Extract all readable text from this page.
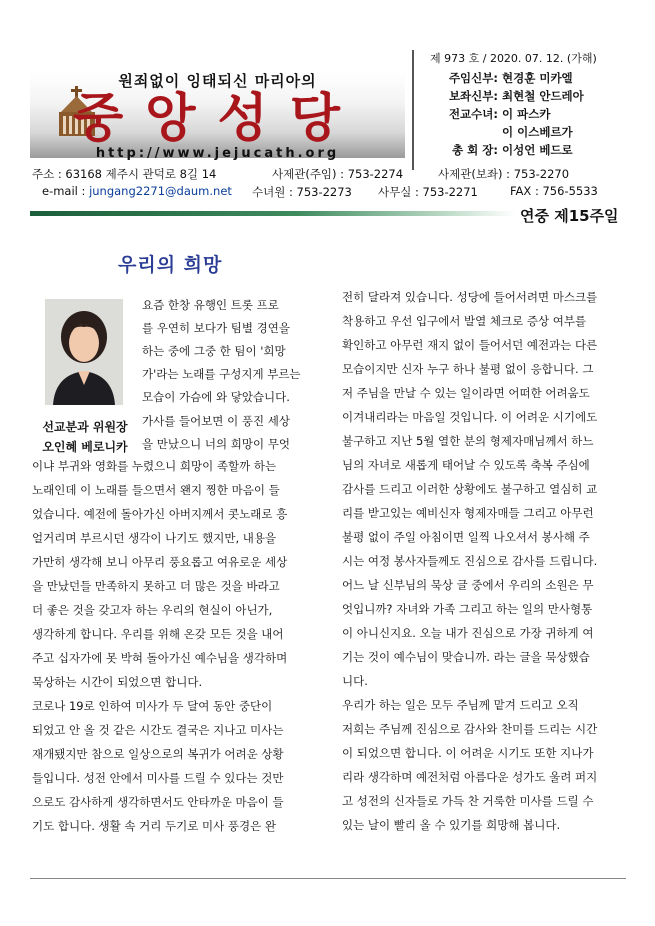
원죄없이 잉태되신 마리아의
중앙성당
http://www.jejucath.org
제 973 호 / 2020. 07. 12. (가해)
주임신부: 현경훈 미카엘
보좌신부: 최현철 안드레아
전교수녀: 이 파스카
이 이스베르가
총 회 장: 이성언 베드로
주소 : 63168 제주시 관덕로 8길 14	사제관(주임) : 753-2274	사제관(보좌) : 753-2270
e-mail : jungang2271@daum.net 수녀원 : 753-2273 사무실 : 753-2271	FAX : 756-5533
연중 제15주일
우리의 희망
선교분과 위원장
오인혜 베로니카
요즘 한창 유행인 트롯 프로
를 우연히 보다가 팀별 경연을
하는 중에 그중 한 팀이 '희망
가'라는 노래를 구성지게 부르는
모습이 가슴에 와 닿았습니다.
가사를 들어보면 이 풍진 세상
을 만났으니 너의 희망이 무엇
이냐 부귀와 영화를 누렸으니 희망이 족할까 하는
노래인데 이 노래를 들으면서 왠지 찡한 마음이 들
었습니다. 예전에 돌아가신 아버지께서 콧노래로 흥
얼거리며 부르시던 생각이 나기도 했지만, 내용을
가만히 생각해 보니 아무리 풍요롭고 여유로운 세상
을 만났던들 만족하지 못하고 더 많은 것을 바라고
더 좋은 것을 갖고자 하는 우리의 현실이 아닌가,
생각하게 합니다. 우리를 위해 온갖 모든 것을 내어
주고 십자가에 못 박혀 돌아가신 예수님을 생각하며
묵상하는 시간이 되었으면 합니다.
코로나 19로 인하여 미사가 두 달여 동안 중단이
되었고 안 올 것 같은 시간도 결국은 지나고 미사는
재개됐지만 참으로 일상으로의 복귀가 어려운 상황
들입니다. 성전 안에서 미사를 드릴 수 있다는 것만
으로도 감사하게 생각하면서도 안타까운 마음이 들
기도 합니다. 생활 속 거리 두기로 미사 풍경은 완
전히 달라져 있습니다. 성당에 들어서려면 마스크를
착용하고 우선 입구에서 발열 체크로 증상 여부를
확인하고 아무런 재지 없이 들어서던 예전과는 다른
모습이지만 신자 누구 하나 불평 없이 응합니다. 그
저 주님을 만날 수 있는 일이라면 어떠한 어려움도
이겨내리라는 마음일 것입니다. 이 어려운 시기에도
불구하고 지난 5월 열한 분의 형제자매님께서 하느
님의 자녀로 새롭게 태어날 수 있도록 축복 주심에
감사를 드리고 이러한 상황에도 불구하고 열심히 교
리를 받고있는 예비신자 형제자매들 그리고 아무런
불평 없이 주일 아침이면 일찍 나오셔서 봉사해 주
시는 여정 봉사자들께도 진심으로 감사를 드립니다.
어느 날 신부님의 묵상 글 중에서 우리의 소원은 무
엇입니까? 자녀와 가족 그리고 하는 일의 만사형통
이 아니신지요. 오늘 내가 진심으로 가장 귀하게 여
기는 것이 예수님이 맞습니까. 라는 글을 묵상했습
니다.
우리가 하는 일은 모두 주님께 맡겨 드리고 오직
저희는 주님께 진심으로 감사와 찬미를 드리는 시간
이 되었으면 합니다. 이 어려운 시기도 또한 지나가
리라 생각하며 예전처럼 아름다운 성가도 울려 퍼지
고 성전의 신자들로 가득 찬 거룩한 미사를 드릴 수
있는 날이 빨리 올 수 있기를 희망해 봅니다.
